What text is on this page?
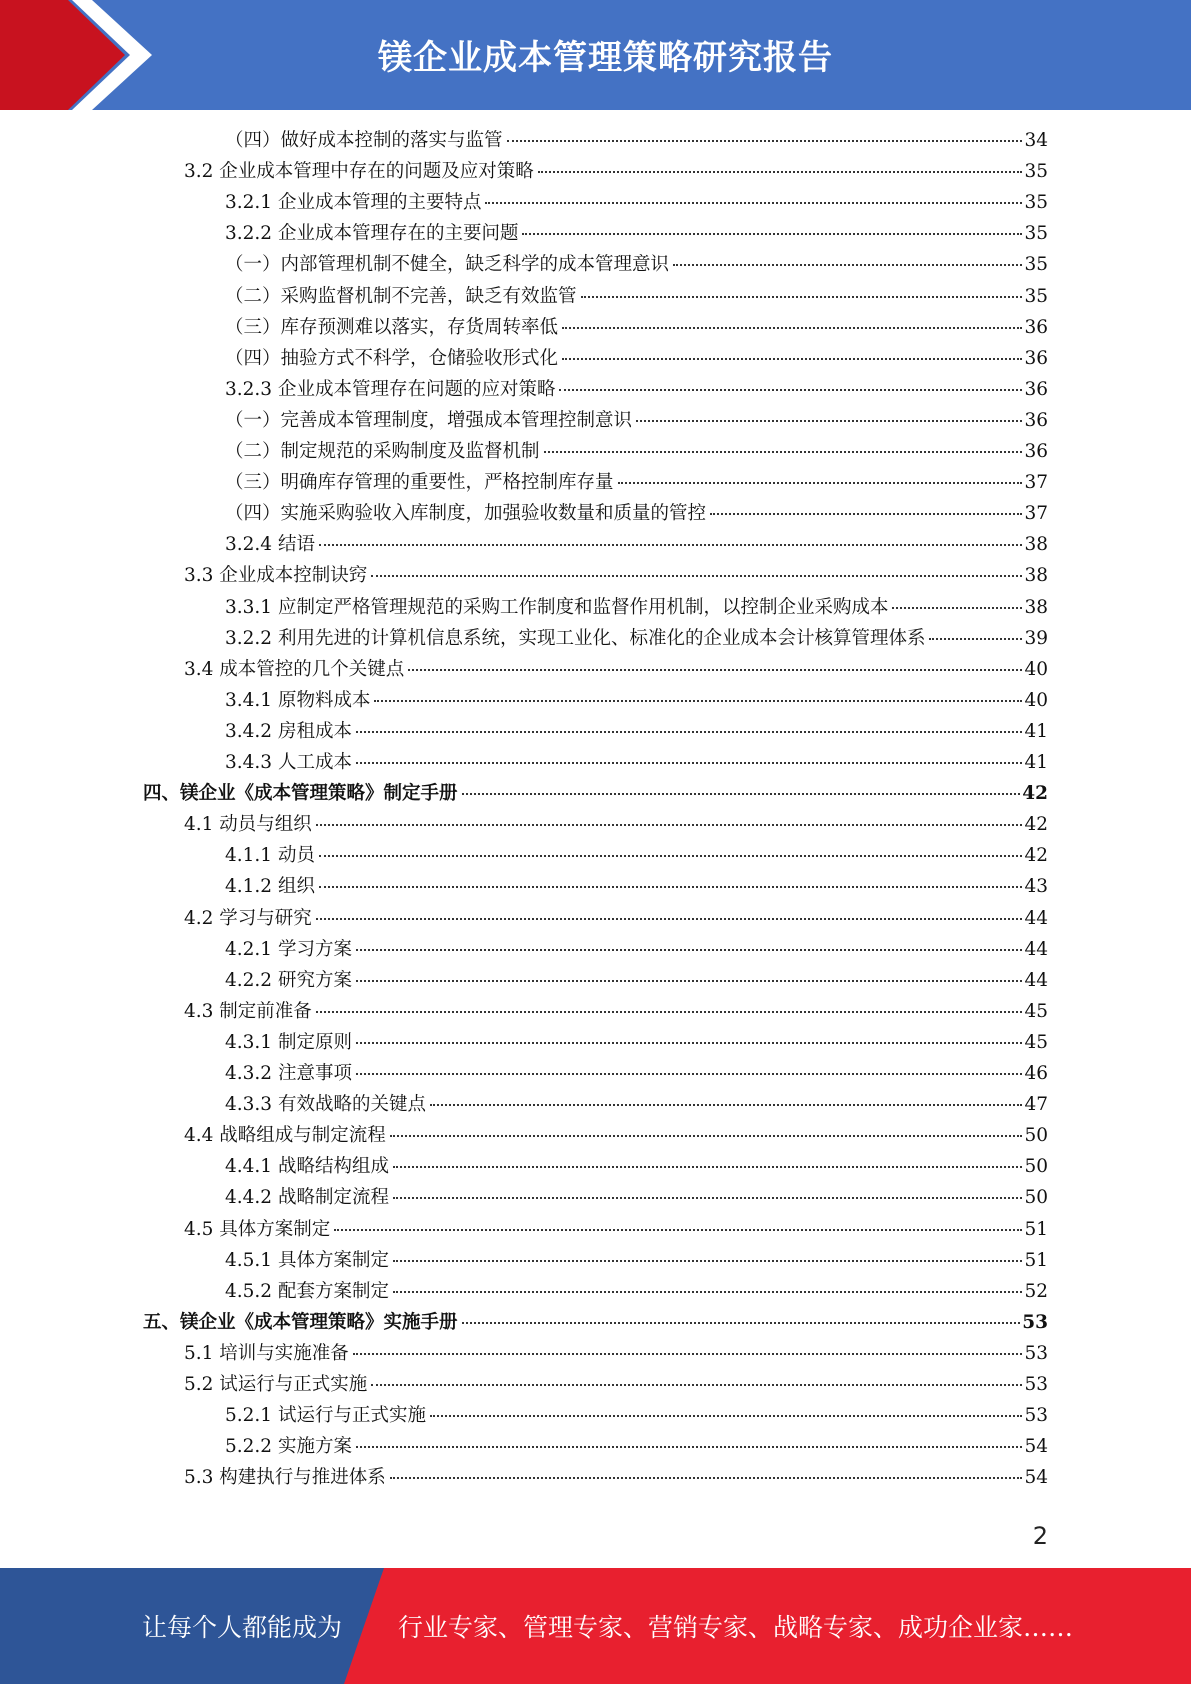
镁企业成本管理策略研究报告
（四）做好成本控制的落实与监管	34
3.2 企业成本管理中存在的问题及应对策略	35
3.2.1 企业成本管理的主要特点	35
3.2.2 企业成本管理存在的主要问题	35
（一）内部管理机制不健全，缺乏科学的成本管理意识	35
（二）采购监督机制不完善，缺乏有效监管	35
（三）库存预测难以落实，存货周转率低	36
（四）抽验方式不科学，仓储验收形式化	36
3.2.3 企业成本管理存在问题的应对策略	36
（一）完善成本管理制度，增强成本管理控制意识	36
（二）制定规范的采购制度及监督机制	36
（三）明确库存管理的重要性，严格控制库存量	37
（四）实施采购验收入库制度，加强验收数量和质量的管控	37
3.2.4 结语	38
3.3 企业成本控制诀窍	38
3.3.1 应制定严格管理规范的采购工作制度和监督作用机制，以控制企业采购成本	38
3.2.2 利用先进的计算机信息系统，实现工业化、标准化的企业成本会计核算管理体系	39
3.4 成本管控的几个关键点	40
3.4.1 原物料成本	40
3.4.2 房租成本	41
3.4.3 人工成本	41
四、镁企业《成本管理策略》制定手册	42
4.1 动员与组织	42
4.1.1 动员	42
4.1.2 组织	43
4.2 学习与研究	44
4.2.1 学习方案	44
4.2.2 研究方案	44
4.3 制定前准备	45
4.3.1 制定原则	45
4.3.2 注意事项	46
4.3.3 有效战略的关键点	47
4.4 战略组成与制定流程	50
4.4.1 战略结构组成	50
4.4.2 战略制定流程	50
4.5 具体方案制定	51
4.5.1 具体方案制定	51
4.5.2 配套方案制定	52
五、镁企业《成本管理策略》实施手册	53
5.1 培训与实施准备	53
5.2 试运行与正式实施	53
5.2.1 试运行与正式实施	53
5.2.2 实施方案	54
5.3 构建执行与推进体系	54
2
让每个人都能成为 行业专家、管理专家、营销专家、战略专家、成功企业家……
